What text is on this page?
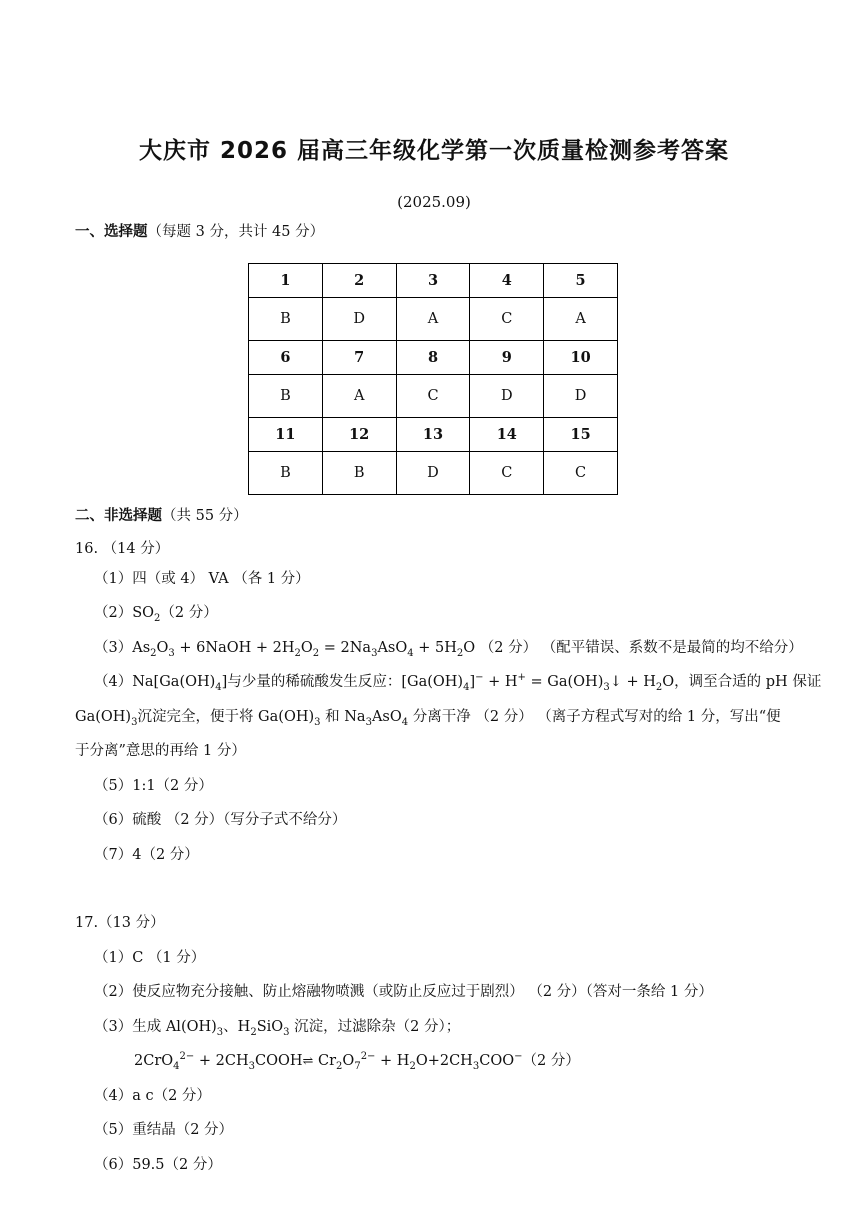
大庆市 2026 届高三年级化学第一次质量检测参考答案
(2025.09)
一、选择题（每题 3 分，共计 45 分）
1	2	3	4	5
B	D	A	C	A
6	7	8	9	10
B	A	C	D	D
11	12	13	14	15
B	B	D	C	C
二、非选择题（共 55 分）
16. （14 分）
（1）四（或 4） VA （各 1 分）
$(2)SO_2(2$ 分）
$(3)As_2O_3$ + 6NaOH + $2H_2O_2 = 2Na_3AsO_4 + 5H_2O$ （2 分） （配平错误、系数不是最简的均不给分）
$(4)Na[Ga(OH)_4]$与少量的稀硫酸发生反应：$[Ga(OH)_4]^- + H^+$ = $Ga(OH)_3↓ + H_2O$，调至合适的 pH 保证
$Ga(OH)_3$沉淀完全，便于将 $Ga(OH)_3$ 和 $Na_3AsO_4$ 分离干净 （2 分） （离子方程式写对的给 1 分，写出“便
于分离”意思的再给 1 分）
（5）1:1（2 分）
（6）硫酸 （2 分）（写分子式不给分）
（7）4（2 分）
17.（13 分）
（1）C （1 分）
（2）使反应物充分接触、防止熔融物喷溅（或防止反应过于剧烈） （2 分）（答对一条给 1 分）
（3）生成 $Al(OH)_3$、$H_2SiO_3$ 沉淀，过滤除杂（2 分）；
$2CrO_4^{2-} + 2CH_3COOH\rightleftharpoons$ $Cr_2O_7^{2-} + H_2O+2CH_3COO^-(2$ 分）
（4）a c（2 分）
（5）重结晶（2 分）
（6）59.5（2 分）
